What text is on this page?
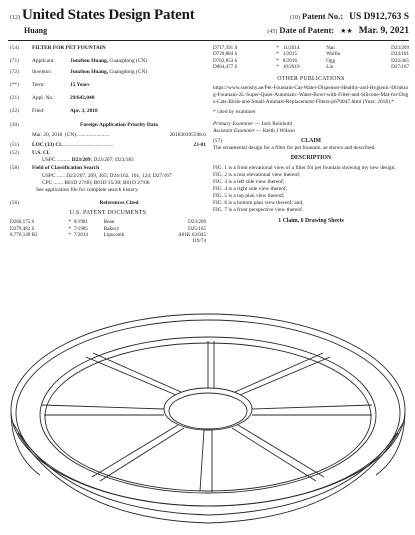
(12) United States Design Patent	(10) Patent No.: US D912,763 S
Huang	(45) Date of Patent: ★★ Mar. 9, 2021
(54)	FILTER FOR PET FOUNTAIN
(71)	Applicant:	Junzhou Huang, Guangdong (CN)
(72)	Inventor:	Junzhou Huang, Guangdong (CN)
(**)	Term:	15 Years
(21)	Appl. No.:	29/643,040
(22)	Filed:	Apr. 3, 2018
(30)	Foreign Application Priority Data
Mar. 20, 2018
(CN) .........................	201830105598.6
(51)	LOC (13) Cl. ......................................	23-01
(52)	U.S. Cl.
USPC .......... D23/209; D23/207; D23/365
(58)	Field of Classification Search
USPC ...... D23/207, 209, 365; D24/162, 101, 124; D27/167
CPC ....... B01D 27/00; B01D 35/30; B01D 27/08
See application file for complete search history.
(56)	References Cited
U.S. PATENT DOCUMENTS
D260,175 S	*	8/1981	Bean	D23/209
D279,482 S	*	7/1985	Rakocy	D25/165
8,770,148 B2	*	7/2014	Lipscomb	A01K 63/045
119/74
D717,391 S	*	11/2014	Nan	D23/209
D720,884 S	*	1/2015	Wolfin	D24/101
D762,853 S	*	8/2016	Ogg	D23/365
D864,477 S	*	10/2019	Lin	D27/167
OTHER PUBLICATIONS
https://www.ssenshy.ae/Pet-Fountain-Cat-Water-Dispenser-Healthy-and-Hygienic-Drinking-Fountain-2L-Super-Quiet-Automatic-Water-Bowl-with-Filter-and-Silicone-Mat-for-Dogs-Cats-Birds-and-Small-Animals-Replacement-Filters-p670047.html (Year: 2018).*
* cited by examiner
Primary Examiner — Jack Reinhold
Assistant Examiner — Keith J Wilson
(57)	CLAIM
The ornamental design for a filter for pet fountain, as shown and described.
DESCRIPTION
FIG. 1 is a front elevational view of a filter for pet fountain showing my new design;
FIG. 2 is a rear elevational view thereof;
FIG. 3 is a left side view thereof;
FIG. 4 is a right side view thereof;
FIG. 5 is a top plan view thereof;
FIG. 6 is a bottom plan view thereof; and,
FIG. 7 is a front perspective view thereof.
1 Claim, 6 Drawing Sheets
